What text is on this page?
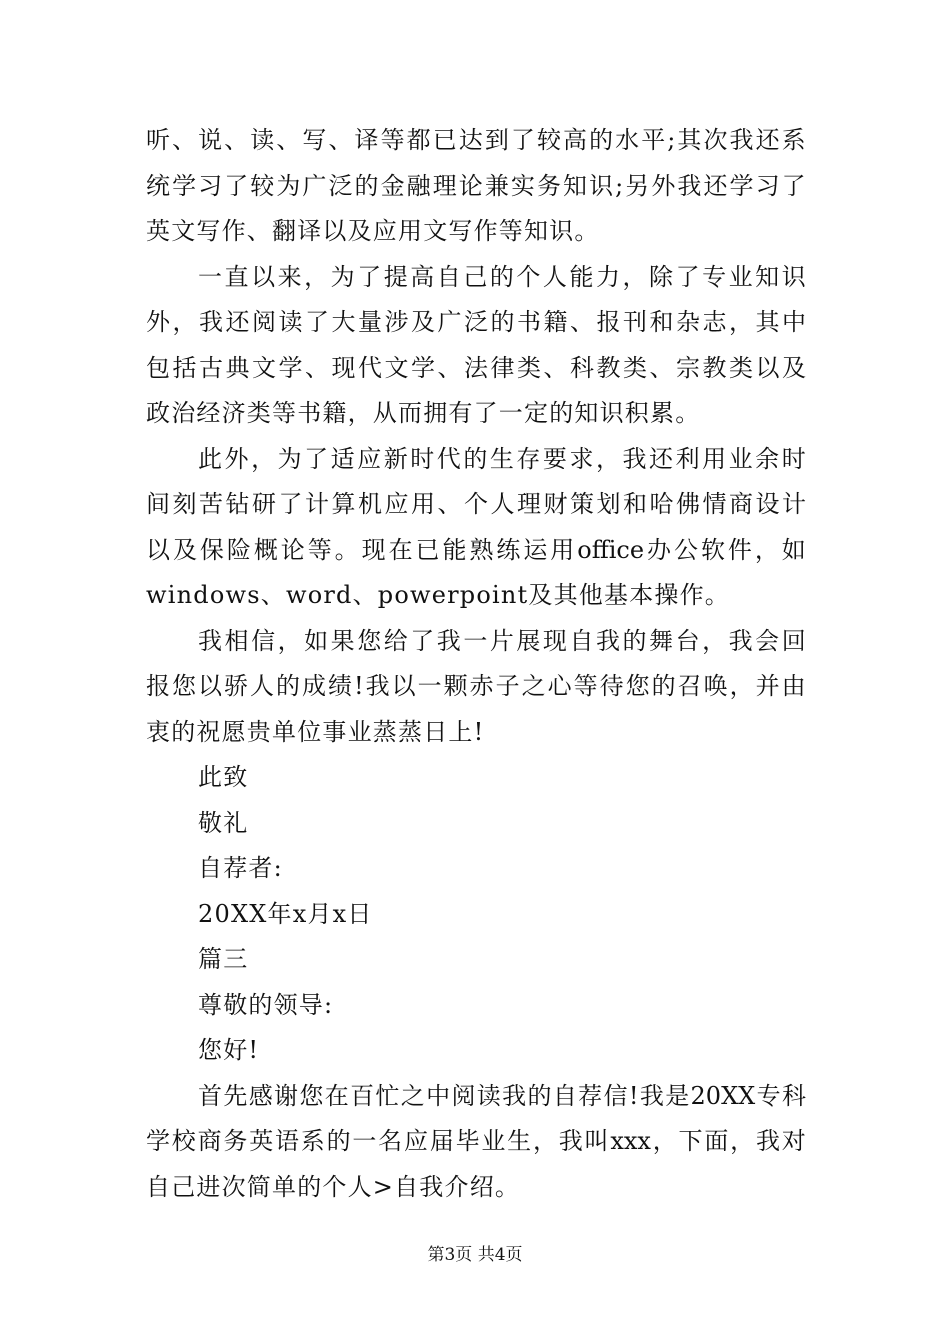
听 、 说 、 读 、 写 、 译 等 都 已 达 到 了 较 高 的 水 平 ; 其 次 我 还 系
统 学 习 了 较 为 广 泛 的 金 融 理 论 兼 实 务 知 识 ; 另 外 我 还 学 习 了
英文写作、翻译以及应用文写作等知识。
一 直 以 来 ， 为 了 提 高 自 己 的 个 人 能 力 ， 除 了 专 业 知 识
外 ， 我 还 阅 读 了 大 量 涉 及 广 泛 的 书 籍 、 报 刊 和 杂 志 ， 其 中
包 括 古 典 文 学 、 现 代 文 学 、 法 律 类 、 科 教 类 、 宗 教 类 以 及
政治经济类等书籍，从而拥有了一定的知识积累。
此 外 ， 为 了 适 应 新 时 代 的 生 存 要 求 ， 我 还 利 用 业 余 时
间 刻 苦 钻 研 了 计 算 机 应 用 、 个 人 理 财 策 划 和 哈 佛 情 商 设 计
以 及 保 险 概 论 等 。 现 在 已 能 熟 练 运 用 office 办 公 软 件 ， 如
windows、word、powerpoint及其他基本操作。
我 相 信 ， 如 果 您 给 了 我 一 片 展 现 自 我 的 舞 台 ， 我 会 回
报 您 以 骄 人 的 成 绩 ! 我 以 一 颗 赤 子 之 心 等 待 您 的 召 唤 ， 并 由
衷的祝愿贵单位事业蒸蒸日上!
此致
敬礼
自荐者:
20XX年x月x日
篇三
尊敬的领导:
您好!
首 先 感 谢 您 在 百 忙 之 中 阅 读 我 的 自 荐 信 ! 我 是 20XX 专 科
学 校 商 务 英 语 系 的 一 名 应 届 毕 业 生 ， 我 叫 xxx ， 下 面 ， 我 对
自己进次简单的个人>自我介绍。
第3页 共4页
